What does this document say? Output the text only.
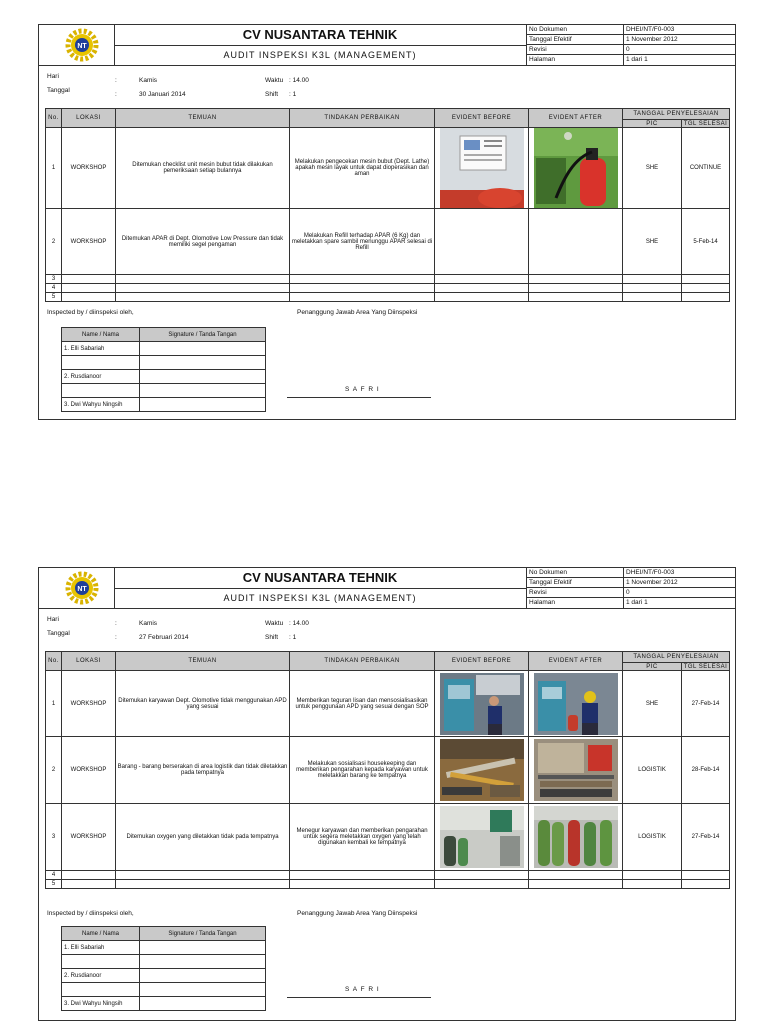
NT
CV NUSANTARA TEHNIK
AUDIT INSPEKSI K3L (MANAGEMENT)
No Dokumen	DHEI/NT/F0-003
Tanggal Efektif	1 November 2012
Revisi	0
Halaman	1 dari 1
Hari
:	Kamis
Tanggal
:	30 Januari 2014
Waktu : 14.00
Shift : 1
No.	LOKASI	TEMUAN	TINDAKAN PERBAIKAN	EVIDENT BEFORE	EVIDENT AFTER	TANGGAL PENYELESAIAN	
						PIC	TGL SELESAI
1	WORKSHOP	Ditemukan checklist unit mesin bubut tidak dilakukan pemeriksaan setiap bulannya	Melakukan pengecekan mesin bubut (Dept. Lathe) apakah mesin layak untuk dapat dioperasikan dan aman			SHE	CONTINUE
2	WORKSHOP	Ditemukan APAR di Dept. Olomotive Low Pressure dan tidak memiliki segel pengaman	Melakukan Refill terhadap APAR (6 Kg) dan meletakkan spare sambil menunggu APAR selesai di Refill			SHE	5-Feb-14
3							
4							
5							
Inspected by / diinspeksi oleh,	Penanggung Jawab Area Yang Diinspeksi
Name / Nama	Signature / Tanda Tangan
1. Elli Sabariah	

2. Rusdianoor	

3. Dwi Wahyu Ningsih	
S A F R I
NT
CV NUSANTARA TEHNIK
AUDIT INSPEKSI K3L (MANAGEMENT)
No Dokumen	DHEI/NT/F0-003
Tanggal Efektif	1 November 2012
Revisi	0
Halaman	1 dari 1
Hari
:	Kamis
Tanggal
:	27 Februari 2014
Waktu : 14.00
Shift : 1
No.	LOKASI	TEMUAN	TINDAKAN PERBAIKAN	EVIDENT BEFORE	EVIDENT AFTER	TANGGAL PENYELESAIAN	
						PIC	TGL SELESAI
1	WORKSHOP	Ditemukan karyawan Dept. Olomotive tidak menggunakan APD yang sesuai	Memberikan teguran lisan dan mensosialisasikan untuk penggunaan APD yang sesuai dengan SOP			SHE	27-Feb-14
2	WORKSHOP	Barang - barang berserakan di area logistik dan tidak diletakkan pada tempatnya	Melakukan sosialisasi housekeeping dan memberikan pengarahan kepada karyawan untuk meletakkan barang ke tempatnya			LOGISTIK	28-Feb-14
3	WORKSHOP	Ditemukan oxygen yang diletakkan tidak pada tempatnya	Menegur karyawan dan memberikan pengarahan untuk segera meletakkan oxygen yang telah digunakan kembali ke tempatnya			LOGISTIK	27-Feb-14
4							
5							
Inspected by / diinspeksi oleh,	Penanggung Jawab Area Yang Diinspeksi
Name / Nama	Signature / Tanda Tangan
1. Elli Sabariah	

2. Rusdianoor	

3. Dwi Wahyu Ningsih	
S A F R I
